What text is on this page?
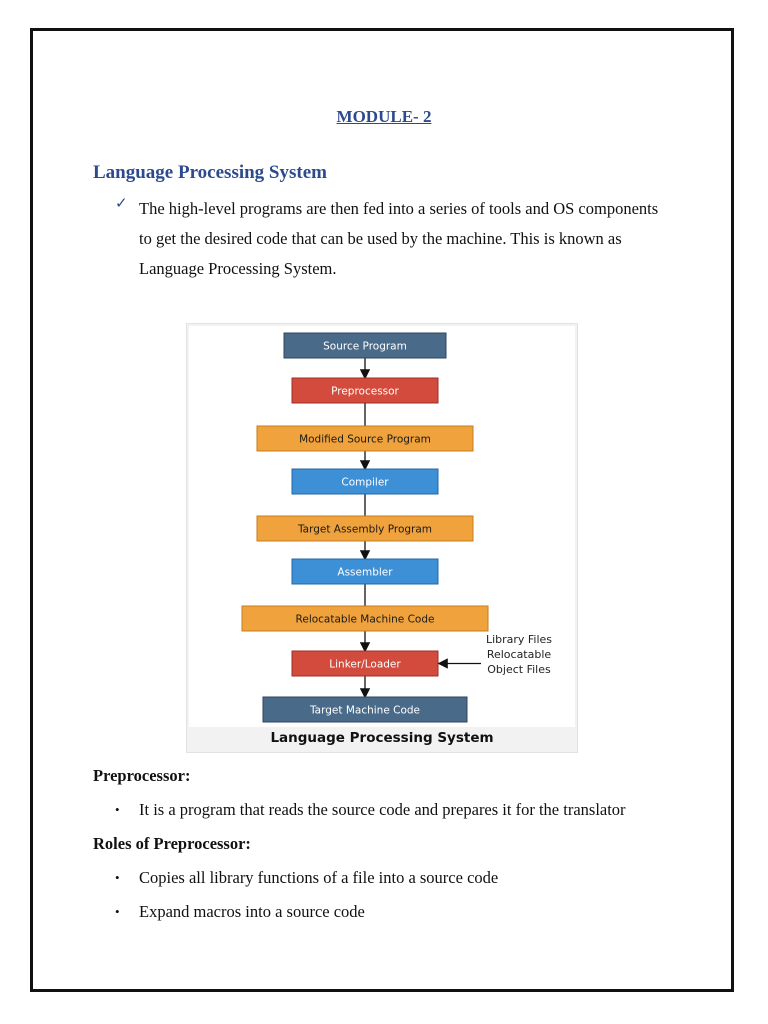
MODULE- 2
Language Processing System
✓ The high-level programs are then fed into a series of tools and OS components to get the desired code that can be used by the machine. This is known as Language Processing System.
Source Program
Preprocessor
Modified Source Program
Compiler
Target Assembly Program
Assembler
Relocatable Machine Code
Linker/Loader
Target Machine Code
Library Files
Relocatable
Object Files
Language Processing System
Preprocessor:
• It is a program that reads the source code and prepares it for the translator
Roles of Preprocessor:
• Copies all library functions of a file into a source code
• Expand macros into a source code
